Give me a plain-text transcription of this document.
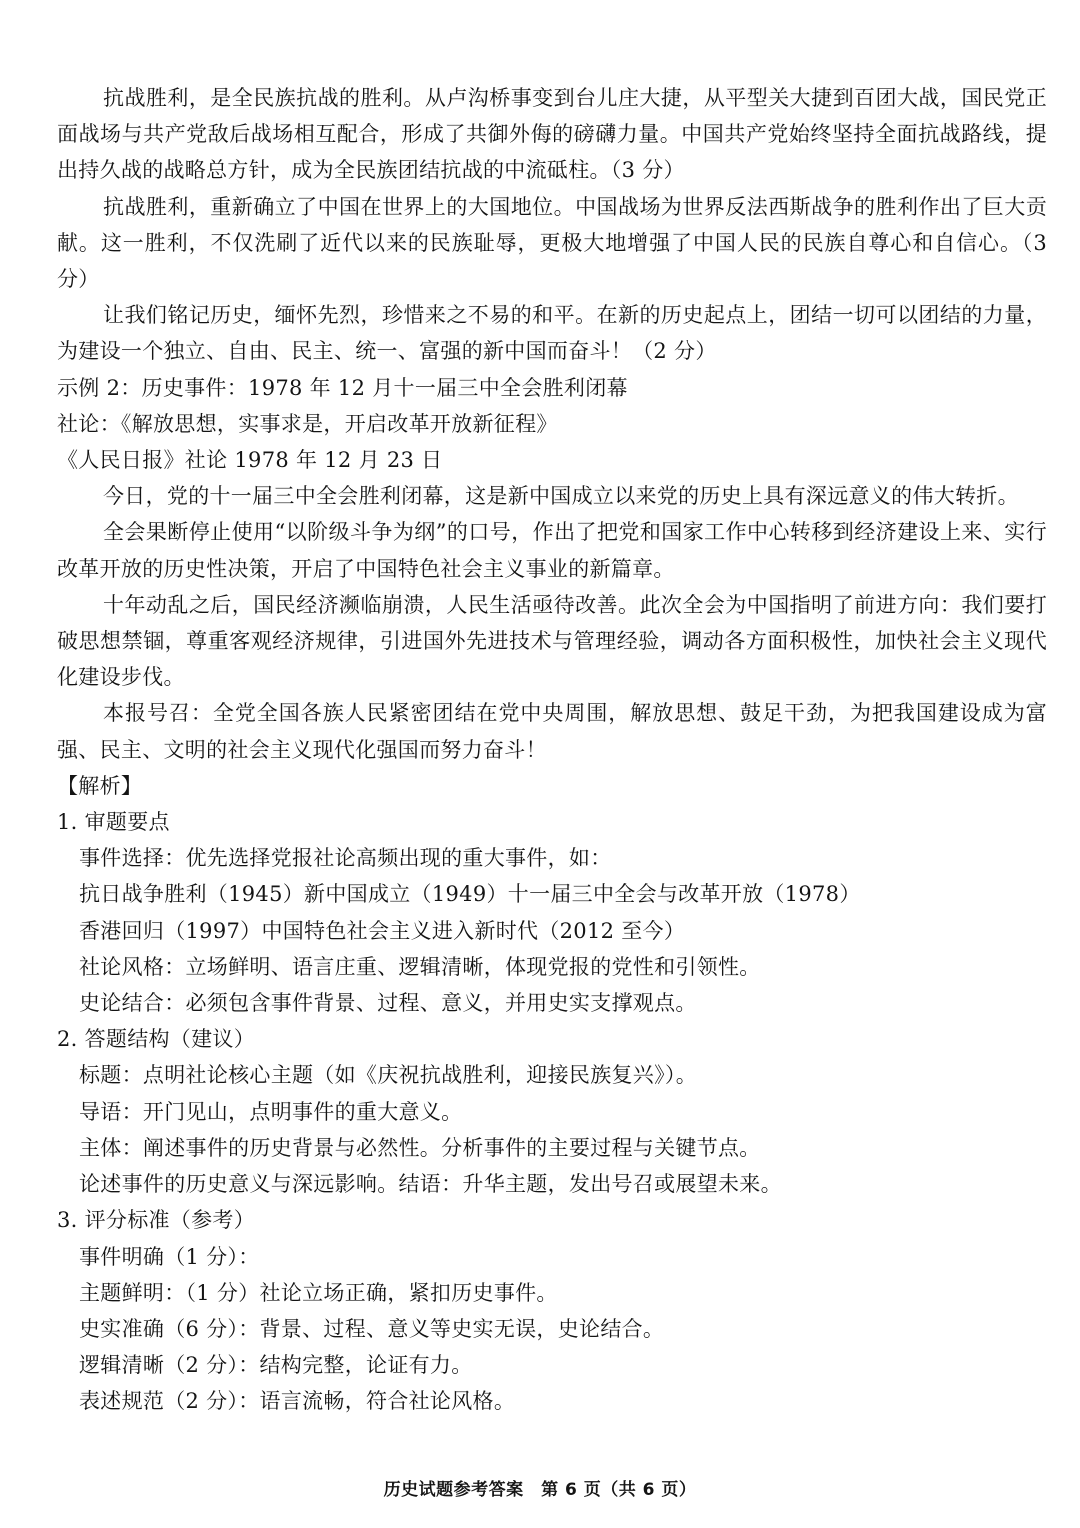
抗战胜利，是全民族抗战的胜利。从卢沟桥事变到台儿庄大捷，从平型关大捷到百团大战，国民党正面战场与共产党敌后战场相互配合，形成了共御外侮的磅礴力量。中国共产党始终坚持全面抗战路线，提出持久战的战略总方针，成为全民族团结抗战的中流砥柱。（3 分）

抗战胜利，重新确立了中国在世界上的大国地位。中国战场为世界反法西斯战争的胜利作出了巨大贡献。这一胜利，不仅洗刷了近代以来的民族耻辱，更极大地增强了中国人民的民族自尊心和自信心。（3 分）

让我们铭记历史，缅怀先烈，珍惜来之不易的和平。在新的历史起点上，团结一切可以团结的力量，为建设一个独立、自由、民主、统一、富强的新中国而奋斗！（2 分）

示例 2：历史事件：1978 年 12 月十一届三中全会胜利闭幕

社论：《解放思想，实事求是，开启改革开放新征程》

《人民日报》社论 1978 年 12 月 23 日

今日，党的十一届三中全会胜利闭幕，这是新中国成立以来党的历史上具有深远意义的伟大转折。

全会果断停止使用“以阶级斗争为纲”的口号，作出了把党和国家工作中心转移到经济建设上来、实行改革开放的历史性决策，开启了中国特色社会主义事业的新篇章。

十年动乱之后，国民经济濒临崩溃，人民生活亟待改善。此次全会为中国指明了前进方向：我们要打破思想禁锢，尊重客观经济规律，引进国外先进技术与管理经验，调动各方面积极性，加快社会主义现代化建设步伐。

本报号召：全党全国各族人民紧密团结在党中央周围，解放思想、鼓足干劲，为把我国建设成为富强、民主、文明的社会主义现代化强国而努力奋斗！

【解析】

1. 审题要点

事件选择：优先选择党报社论高频出现的重大事件，如：

抗日战争胜利（1945）新中国成立（1949）十一届三中全会与改革开放（1978）

香港回归（1997）中国特色社会主义进入新时代（2012 至今）

社论风格：立场鲜明、语言庄重、逻辑清晰，体现党报的党性和引领性。

史论结合：必须包含事件背景、过程、意义，并用史实支撑观点。

2. 答题结构（建议）

标题：点明社论核心主题（如《庆祝抗战胜利，迎接民族复兴》）。

导语：开门见山，点明事件的重大意义。

主体：阐述事件的历史背景与必然性。分析事件的主要过程与关键节点。

论述事件的历史意义与深远影响。结语：升华主题，发出号召或展望未来。

3. 评分标准（参考）

事件明确（1 分）：

主题鲜明：（1 分）社论立场正确，紧扣历史事件。

史实准确（6 分）：背景、过程、意义等史实无误，史论结合。

逻辑清晰（2 分）：结构完整，论证有力。

表述规范（2 分）：语言流畅，符合社论风格。

历史试题参考答案　第 6 页（共 6 页）
